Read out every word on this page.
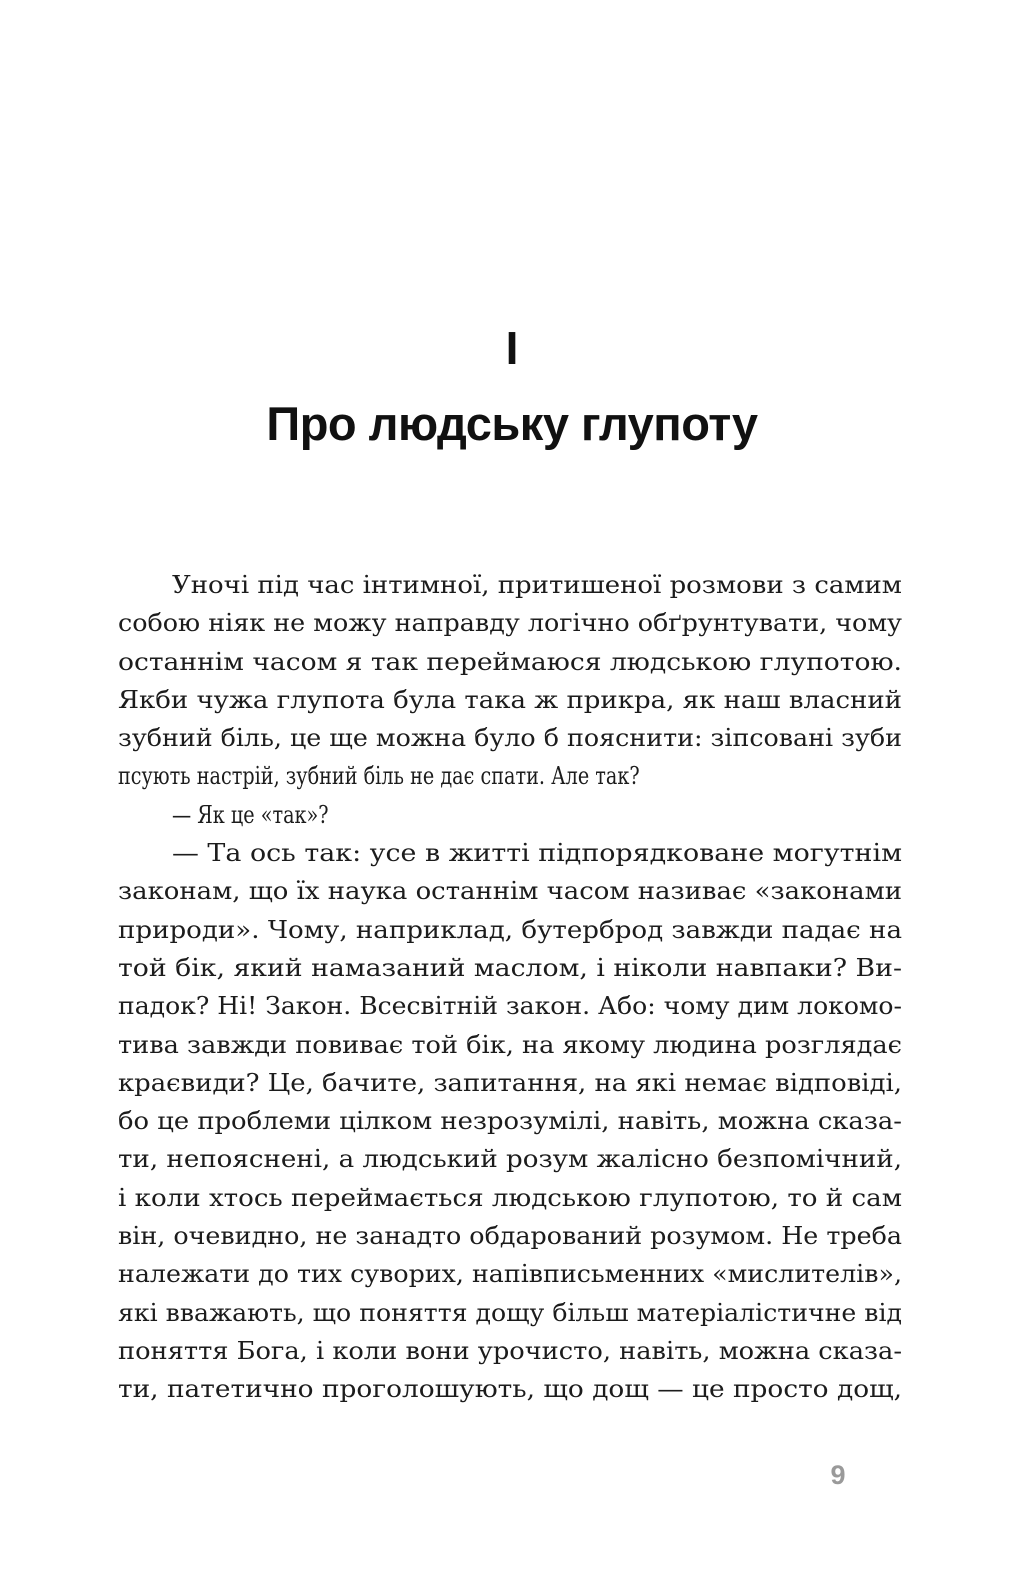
I
Про людську глупоту
Уночі під час інтимної, притишеної розмови з самим
собою ніяк не можу направду логічно обґрунтувати, чому
останнім часом я так переймаюся людською глупотою.
Якби чужа глупота була така ж прикра, як наш власний
зубний біль, це ще можна було б пояснити: зіпсовані зуби
псують настрій, зубний біль не дає спати. Але так?
— Як це «так»?
— Та ось так: усе в житті підпорядковане могутнім
законам, що їх наука останнім часом називає «законами
природи». Чому, наприклад, бутерброд завжди падає на
той бік, який намазаний маслом, і ніколи навпаки? Ви-
падок? Ні! Закон. Всесвітній закон. Або: чому дим локомо-
тива завжди повиває той бік, на якому людина розглядає
краєвиди? Це, бачите, запитання, на які немає відповіді,
бо це проблеми цілком незрозумілі, навіть, можна сказа-
ти, непояснені, а людський розум жалісно безпомічний,
і коли хтось переймається людською глупотою, то й сам
він, очевидно, не занадто обдарований розумом. Не треба
належати до тих суворих, напівписьменних «мислителів»,
які вважають, що поняття дощу більш матеріалістичне від
поняття Бога, і коли вони урочисто, навіть, можна сказа-
ти, патетично проголошують, що дощ — це просто дощ,
9
